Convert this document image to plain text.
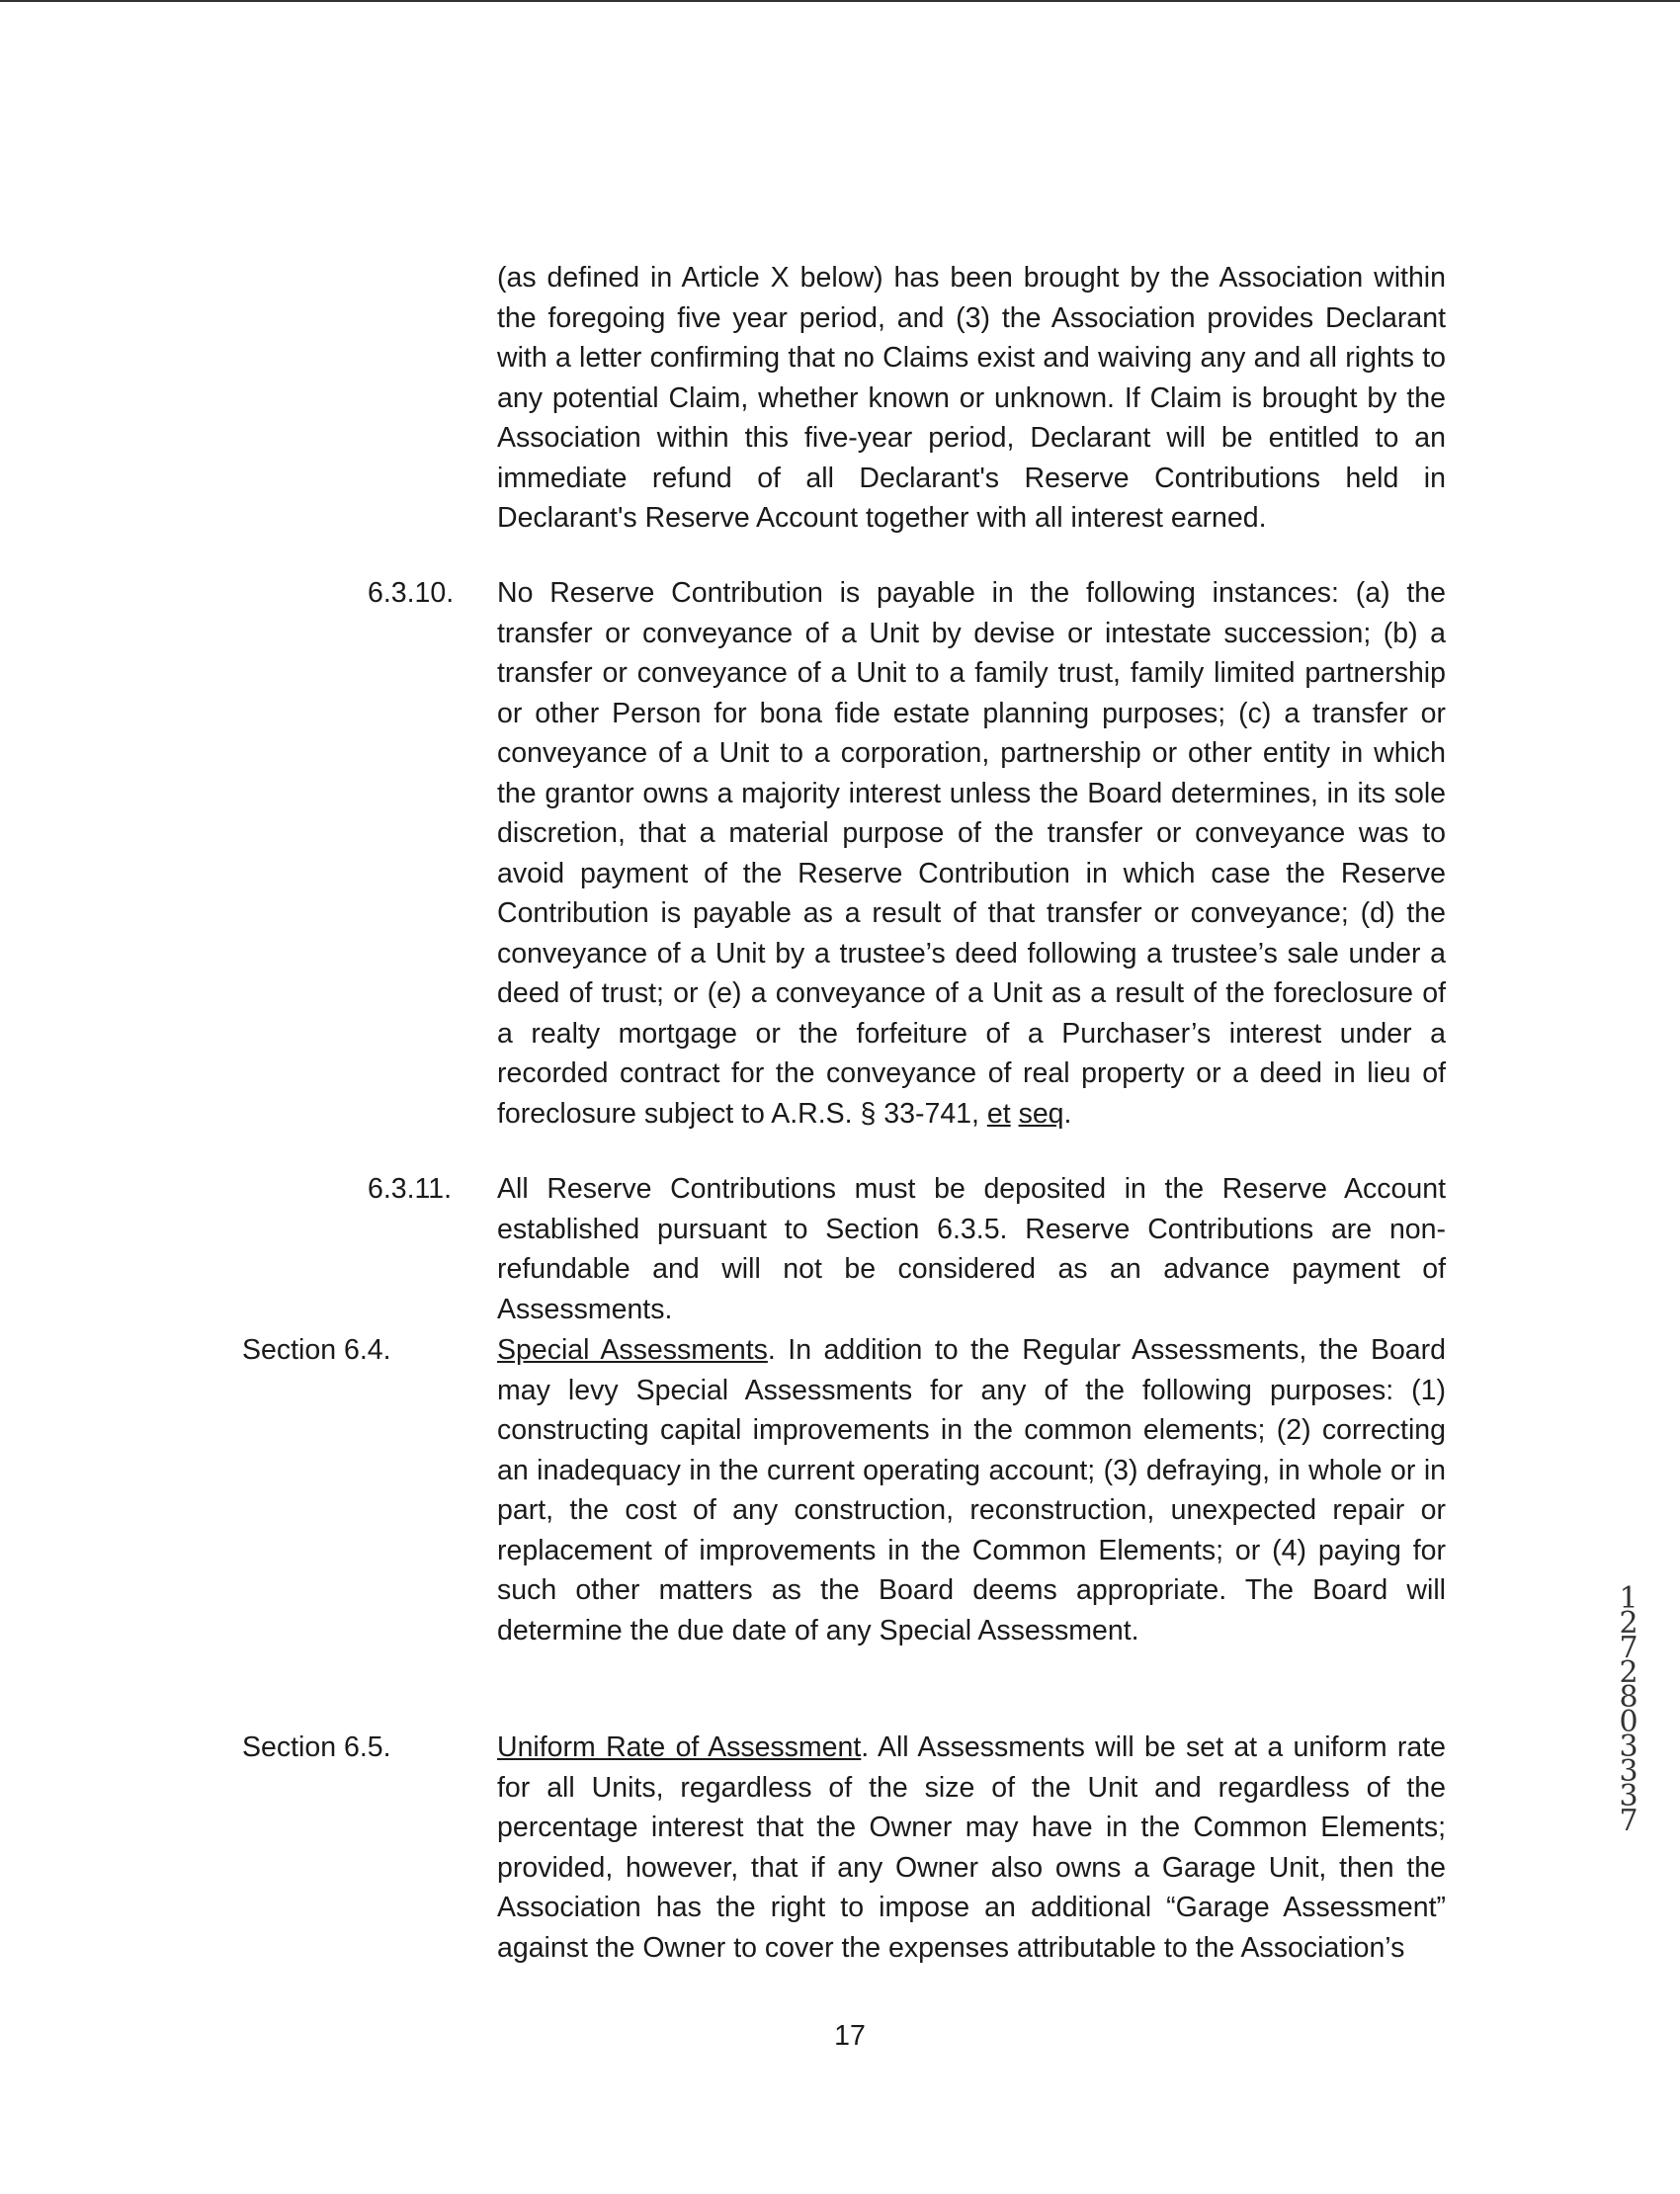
(as defined in Article X below) has been brought by the Association within the foregoing five year period, and (3) the Association provides Declarant with a letter confirming that no Claims exist and waiving any and all rights to any potential Claim, whether known or unknown. If Claim is brought by the Association within this five-year period, Declarant will be entitled to an immediate refund of all Declarant's Reserve Contributions held in Declarant's Reserve Account together with all interest earned.
6.3.10. No Reserve Contribution is payable in the following instances: (a) the transfer or conveyance of a Unit by devise or intestate succession; (b) a transfer or conveyance of a Unit to a family trust, family limited partnership or other Person for bona fide estate planning purposes; (c) a transfer or conveyance of a Unit to a corporation, partnership or other entity in which the grantor owns a majority interest unless the Board determines, in its sole discretion, that a material purpose of the transfer or conveyance was to avoid payment of the Reserve Contribution in which case the Reserve Contribution is payable as a result of that transfer or conveyance; (d) the conveyance of a Unit by a trustee’s deed following a trustee’s sale under a deed of trust; or (e) a conveyance of a Unit as a result of the foreclosure of a realty mortgage or the forfeiture of a Purchaser’s interest under a recorded contract for the conveyance of real property or a deed in lieu of foreclosure subject to A.R.S. § 33-741, et seq.
6.3.11. All Reserve Contributions must be deposited in the Reserve Account established pursuant to Section 6.3.5. Reserve Contributions are non-refundable and will not be considered as an advance payment of Assessments.
Section 6.4.	Special Assessments. In addition to the Regular Assessments, the Board may levy Special Assessments for any of the following purposes: (1) constructing capital improvements in the common elements; (2) correcting an inadequacy in the current operating account; (3) defraying, in whole or in part, the cost of any construction, reconstruction, unexpected repair or replacement of improvements in the Common Elements; or (4) paying for such other matters as the Board deems appropriate. The Board will determine the due date of any Special Assessment.
Section 6.5.	Uniform Rate of Assessment. All Assessments will be set at a uniform rate for all Units, regardless of the size of the Unit and regardless of the percentage interest that the Owner may have in the Common Elements; provided, however, that if any Owner also owns a Garage Unit, then the Association has the right to impose an additional “Garage Assessment” against the Owner to cover the expenses attributable to the Association’s
17
1
2
7
2
8
0
3
3
3
7
